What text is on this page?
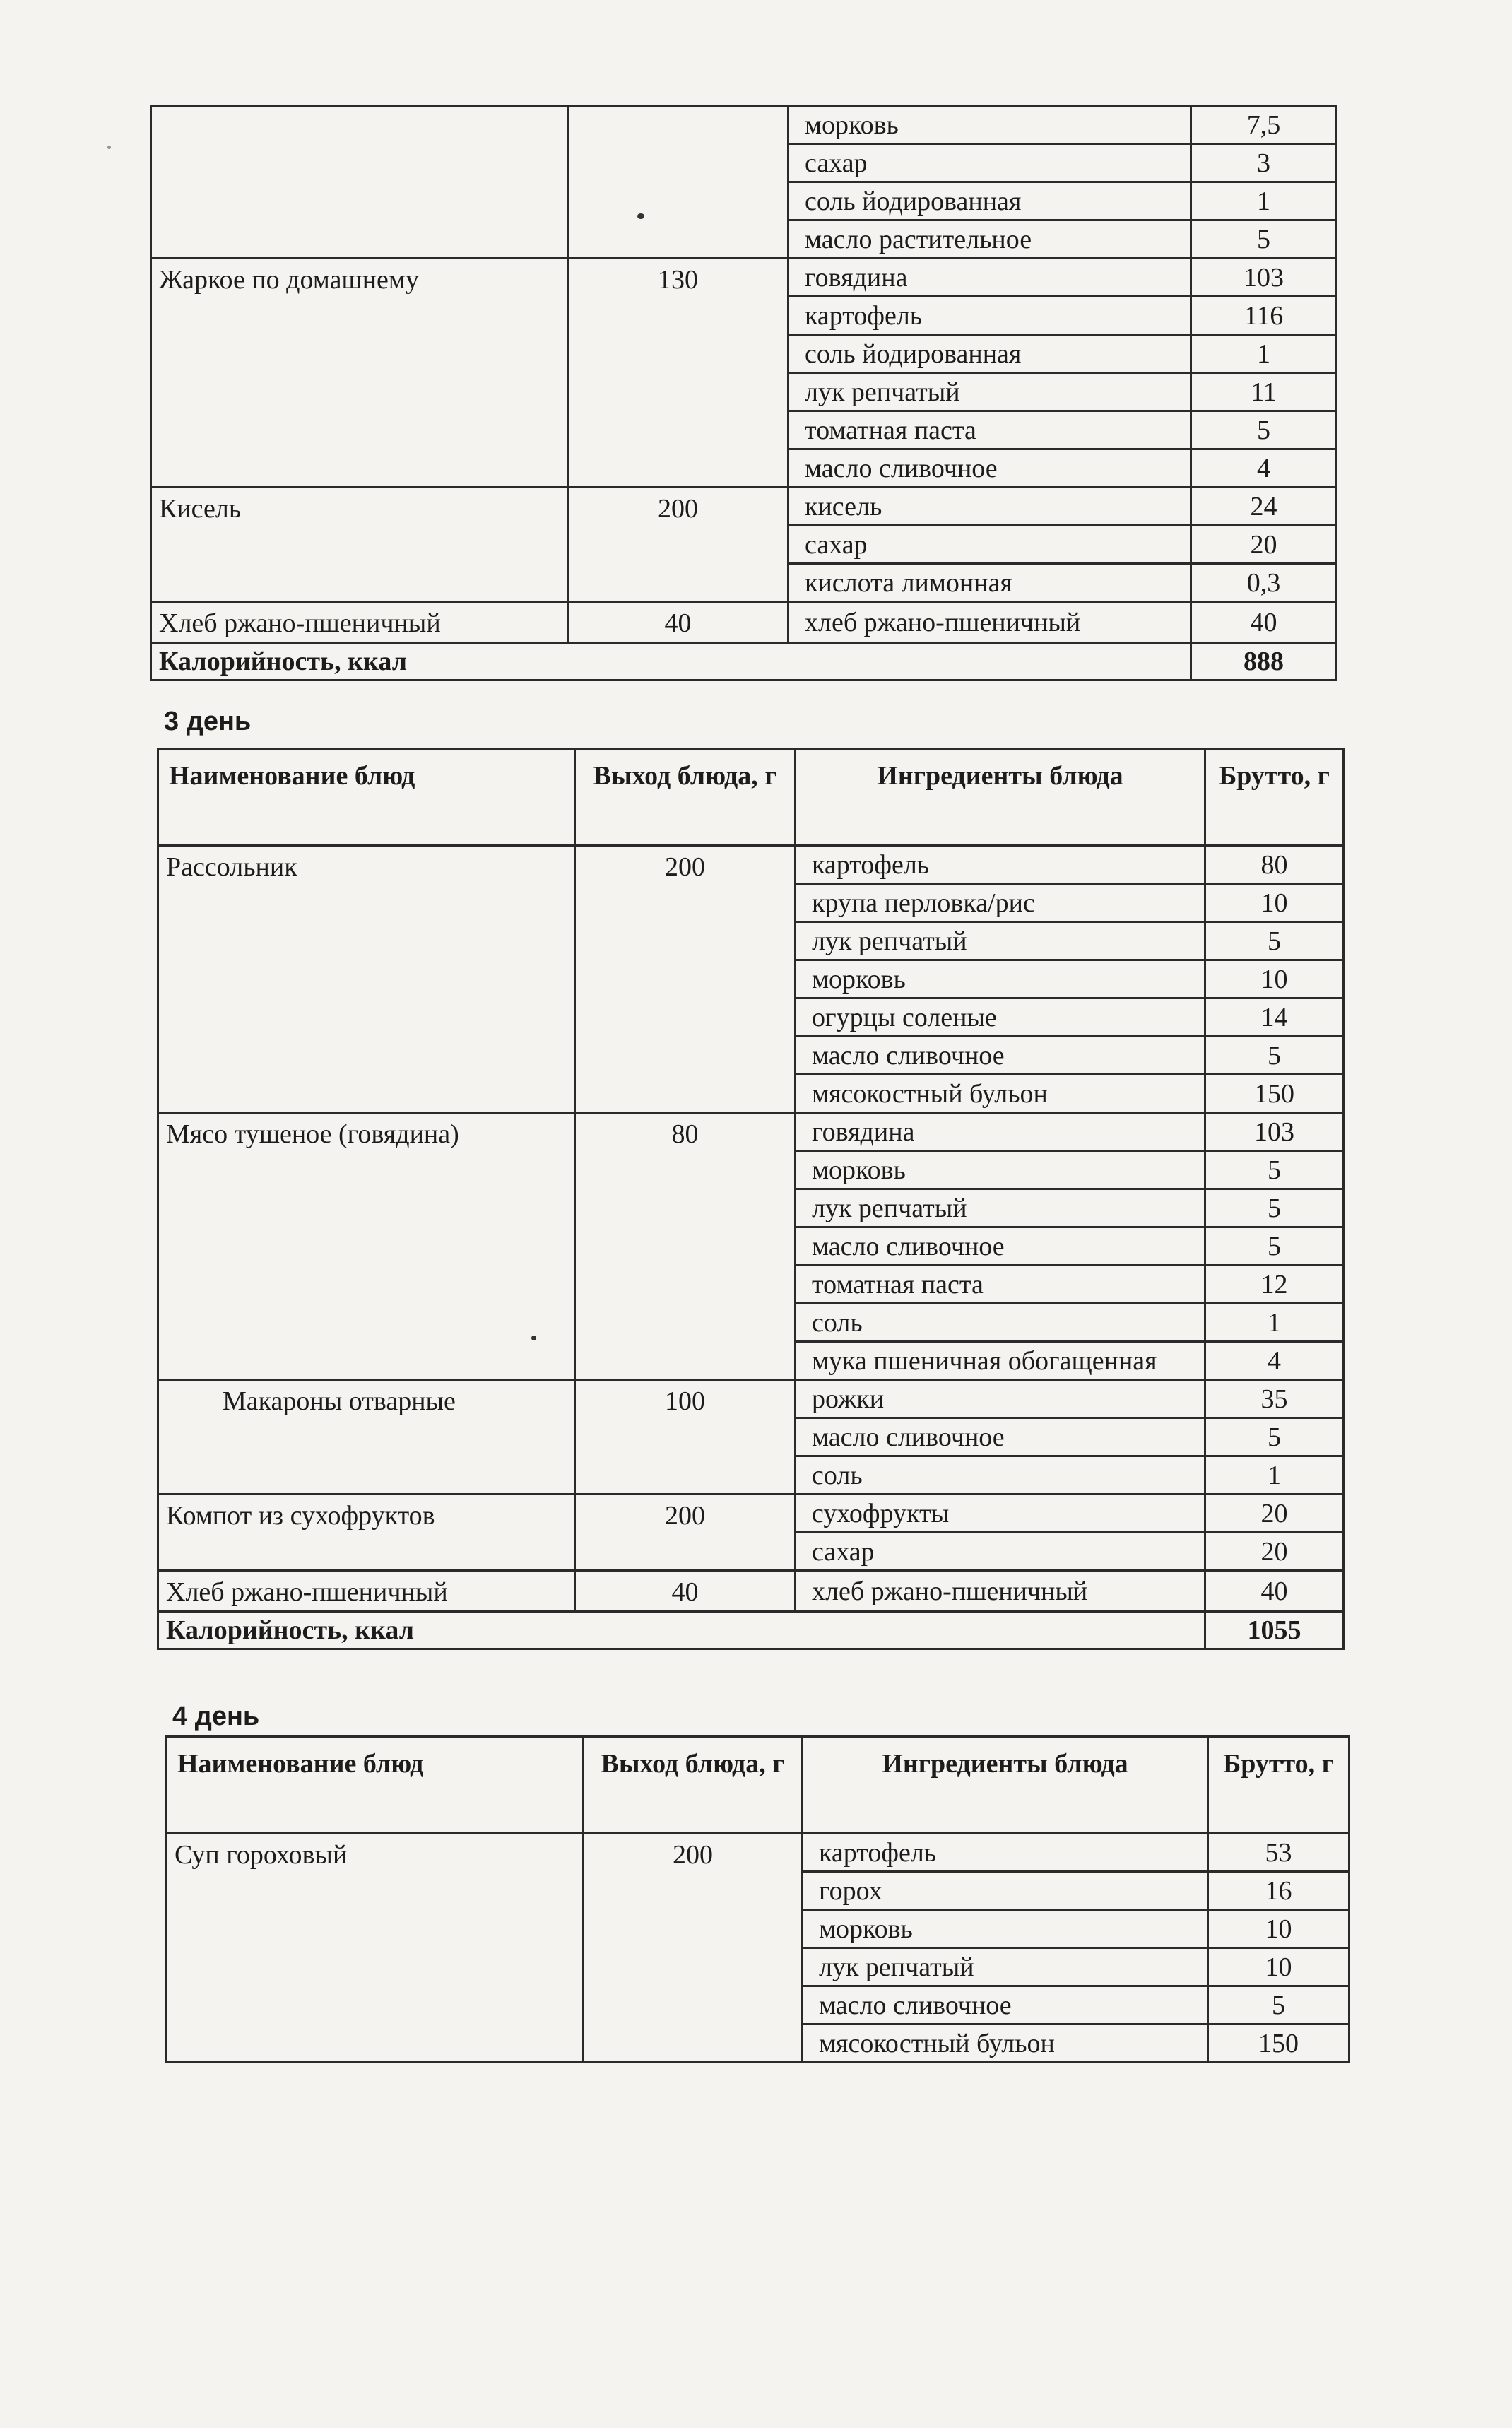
		морковь	7,5
		сахар	3
		соль йодированная	1
		масло растительное	5
Жаркое по домашнему	130	говядина	103
		картофель	116
		соль йодированная	1
		лук репчатый	11
		томатная паста	5
		масло сливочное	4
Кисель	200	кисель	24
		сахар	20
		кислота лимонная	0,3
Хлеб ржано-пшеничный	40	хлеб ржано-пшеничный	40
Калорийность, ккал			888
3 день
Наименование блюд	Выход блюда, г	Ингредиенты блюда	Брутто, г
Рассольник	200	картофель	80
		крупа перловка/рис	10
		лук репчатый	5
		морковь	10
		огурцы соленые	14
		масло сливочное	5
		мясокостный бульон	150
Мясо тушеное (говядина)	80	говядина	103
		морковь	5
		лук репчатый	5
		масло сливочное	5
		томатная паста	12
		соль	1
		мука пшеничная обогащенная	4
Макароны отварные	100	рожки	35
		масло сливочное	5
		соль	1
Компот из сухофруктов	200	сухофрукты	20
		сахар	20
Хлеб ржано-пшеничный	40	хлеб ржано-пшеничный	40
Калорийность, ккал			1055
4 день
Наименование блюд	Выход блюда, г	Ингредиенты блюда	Брутто, г
Суп гороховый	200	картофель	53
		горох	16
		морковь	10
		лук репчатый	10
		масло сливочное	5
		мясокостный бульон	150
